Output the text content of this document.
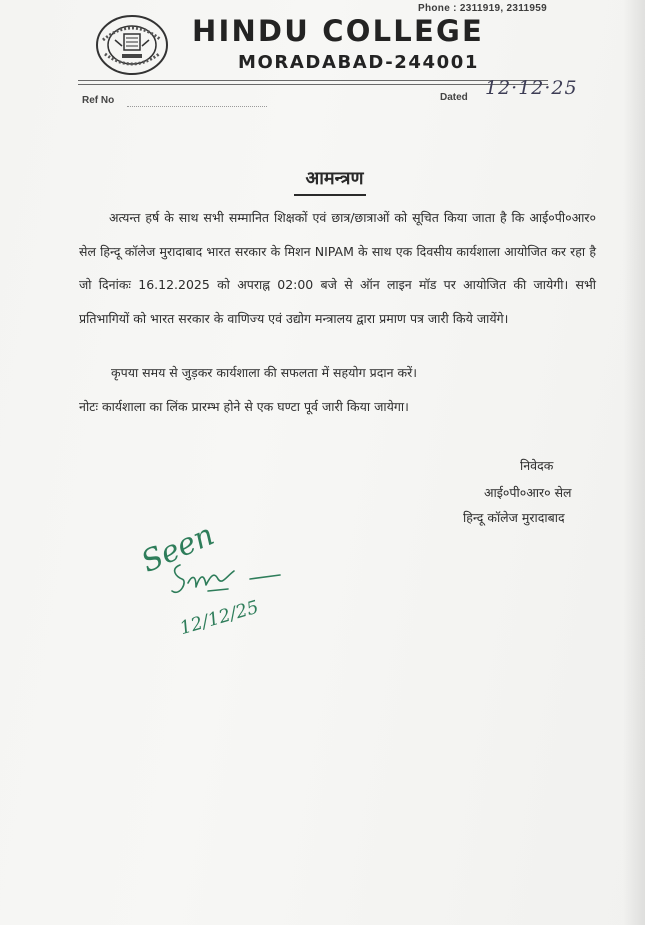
Phone : 2311919, 2311959
HINDU COLLEGE
MORADABAD-244001
Ref No	Dated 12·12·25
आमन्त्रण
अत्यन्त हर्ष के साथ सभी सम्मानित शिक्षकों एवं छात्र/छात्राओं को सूचित किया जाता है कि आई०पी०आर० सेल हिन्दू कॉलेज मुरादाबाद भारत सरकार के मिशन NIPAM के साथ एक दिवसीय कार्यशाला आयोजित कर रहा है जो दिनांकः 16.12.2025 को अपराह्न 02:00 बजे से ऑन लाइन मॉड पर आयोजित की जायेगी। सभी प्रतिभागियों को भारत सरकार के वाणिज्य एवं उद्योग मन्त्रालय द्वारा प्रमाण पत्र जारी किये जायेंगे।
कृपया समय से जुड़कर कार्यशाला की सफलता में सहयोग प्रदान करें।
नोटः कार्यशाला का लिंक प्रारम्भ होने से एक घण्टा पूर्व जारी किया जायेगा।
निवेदक
आई०पी०आर० सेल
हिन्दू कॉलेज मुरादाबाद
Seen
12/12/25
